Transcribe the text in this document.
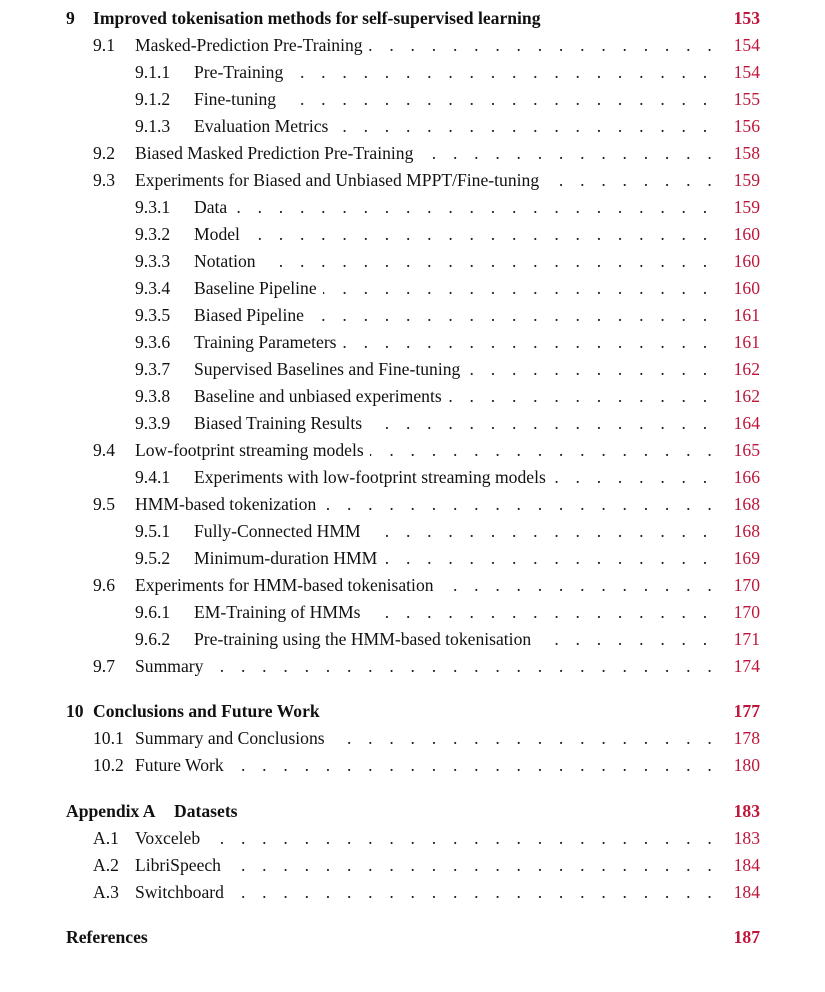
9 Improved tokenisation methods for self-supervised learning	153
9.1 . . . Masked-Prediction Pre-Training	154
9.1.1 . . . Pre-Training	154
9.1.2 . . . Fine-tuning	155
9.1.3 . . . Evaluation Metrics	156
9.2 . . . Biased Masked Prediction Pre-Training	158
9.3 . . . Experiments for Biased and Unbiased MPPT/Fine-tuning	159
9.3.1 . . . Data	159
9.3.2 . . . Model	160
9.3.3 . . . Notation	160
9.3.4 . . . Baseline Pipeline	160
9.3.5 . . . Biased Pipeline	161
9.3.6 . . . Training Parameters	161
9.3.7 . . . Supervised Baselines and Fine-tuning	162
9.3.8 . . . Baseline and unbiased experiments	162
9.3.9 . . . Biased Training Results	164
9.4 . . . Low-footprint streaming models	165
9.4.1 . . . Experiments with low-footprint streaming models	166
9.5 . . . HMM-based tokenization	168
9.5.1 . . . Fully-Connected HMM	168
9.5.2 . . . Minimum-duration HMM	169
9.6 . . . Experiments for HMM-based tokenisation	170
9.6.1 . . . EM-Training of HMMs	170
9.6.2 . . . Pre-training using the HMM-based tokenisation	171
9.7 . . . Summary	174
10 Conclusions and Future Work	177
10.1 . . . Summary and Conclusions	178
10.2 . . . Future Work	180
Appendix A Datasets	183
A.1 . . . Voxceleb	183
A.2 . . . LibriSpeech	184
A.3 . . . Switchboard	184
References	187
